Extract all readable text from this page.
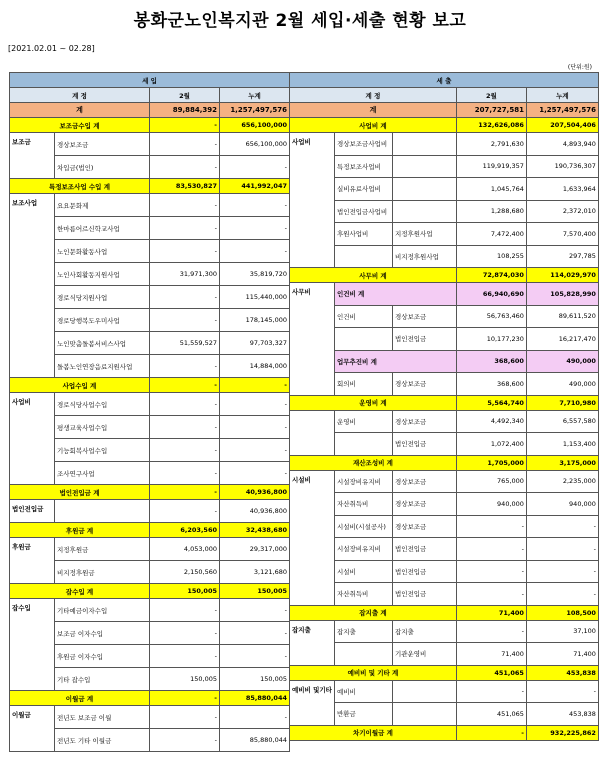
봉화군노인복지관 2월 세입·세출 현황 보고
[2021.02.01 ~ 02.28]
(단위:원)
세 입			
계 정		2월	누계
계		89,884,392	1,257,497,576
보조금수입 계		-	656,100,000
보조금	경상보조금	-	656,100,000
	차입금(법인)	-	-
특정보조사업 수입 계		83,530,827	441,992,047
보조사업	요요문화제	-	-
	한마름어르신학교사업	-	-
	노인문화활동사업	-	-
	노인사회활동지원사업	31,971,300	35,819,720
	경로식당지원사업	-	115,440,000
	경로당행복도우미사업	-	178,145,000
	노인맞춤돌봄서비스사업	51,559,527	97,703,327
	돌봄노인연장음료지원사업	-	14,884,000
사업수입 계		-	-
사업비	경로식당사업수입	-	-
	평생교육사업수입	-	-
	기능회복사업수입	-	-
	조사연구사업	-	-
법인전입금 계		-	40,936,800
법인전입금		-	40,936,800
후원금 계		6,203,560	32,438,680
후원금	지정후원금	4,053,000	29,317,000
	비지정후원금	2,150,560	3,121,680
잡수입 계		150,005	150,005
잡수입	기타예금이자수입	-	-
	보조금 이자수입	-	-
	후원금 이자수입	-	-
	기타 잡수입	150,005	150,005
이월금 계		-	85,880,044
이월금	전년도 보조금 이월	-	-
	전년도 기타 이월금	-	85,880,044
세 출				
계 정			2월	누계
계			207,727,581	1,257,497,576
사업비 계			132,626,086	207,504,406
사업비	경상보조금사업비		2,791,630	4,893,940
	특정보조사업비		119,919,357	190,736,307
	실비유료사업비		1,045,764	1,633,964
	법인전입금사업비		1,288,680	2,372,010
	후원사업비	지정후원사업	7,472,400	7,570,400
		비지정후원사업	108,255	297,785
사무비 계			72,874,030	114,029,970
사무비	인건비 계		66,940,690	105,828,990
	인건비	경상보조금	56,763,460	89,611,520
		법인전입금	10,177,230	16,217,470
	업무추진비 계		368,600	490,000
	회의비	경상보조금	368,600	490,000
운영비 계			5,564,740	7,710,980
	운영비	경상보조금	4,492,340	6,557,580
		법인전입금	1,072,400	1,153,400
재산조성비 계			1,705,000	3,175,000
시설비	시설장비유지비	경상보조금	765,000	2,235,000
	자산취득비	경상보조금	940,000	940,000
	시설비(시설공사)	경상보조금	-	-
	시설장비유지비	법인전입금	-	-
	시설비	법인전입금	-	-
	자산취득비	법인전입금	-	-
잡지출 계			71,400	108,500
잡지출	잡지출	잡지출	-	37,100
		기관운영비	71,400	71,400
예비비 및 기타 계			451,065	453,838
예비비 및기타	예비비		-	-
	반환금		451,065	453,838
차기이월금 계			-	932,225,862
